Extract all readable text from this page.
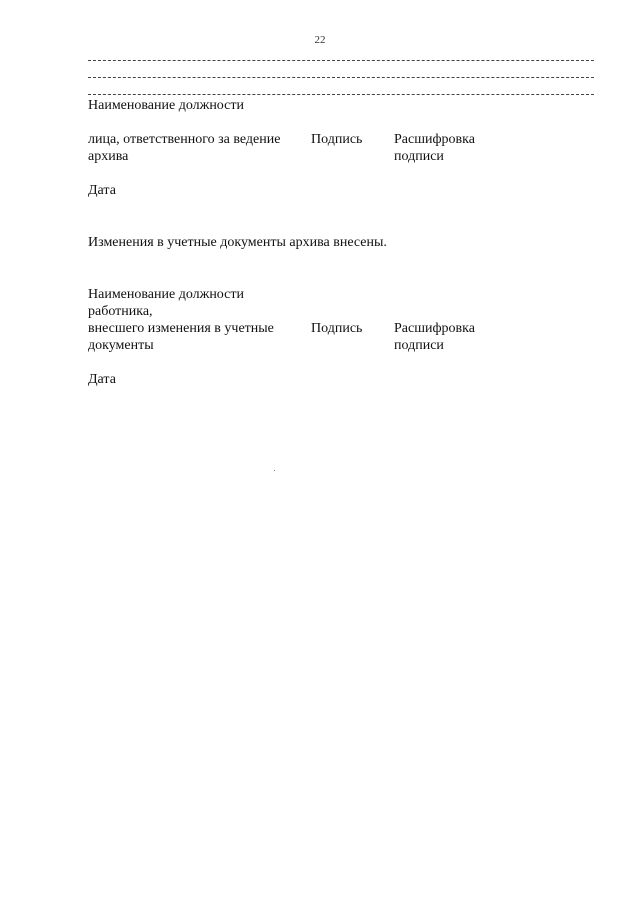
22
Наименование должности
лица, ответственного за ведение
архива
Подпись Расшифровка
подписи
Дата
Изменения в учетные документы архива внесены.
Наименование должности
работника,
внесшего изменения в учетные
документы
Подпись Расшифровка
подписи
Дата
